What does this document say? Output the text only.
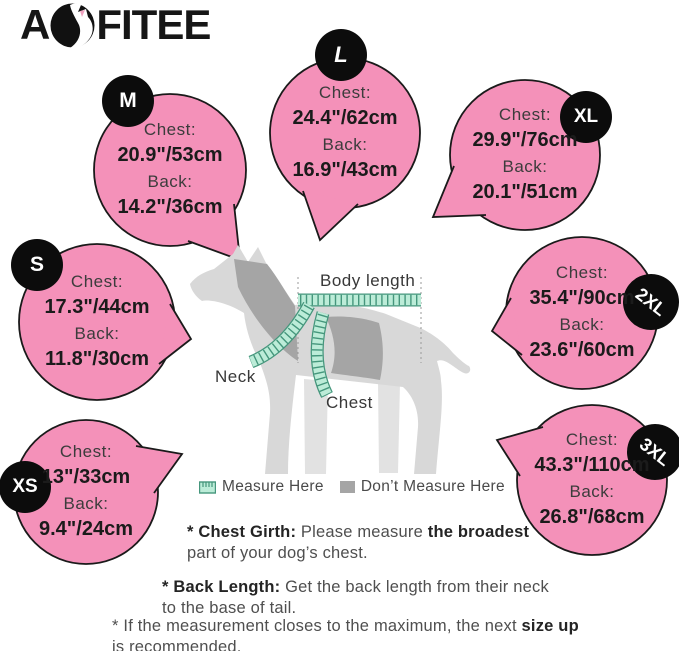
A FITEE
M
Chest:
20.9"/53cm
Back:
14.2"/36cm
L
Chest:
24.4"/62cm
Back:
16.9"/43cm
XL
Chest:
29.9"/76cm
Back:
20.1"/51cm
S
Chest:
17.3"/44cm
Back:
11.8"/30cm
2XL
Chest:
35.4"/90cm
Back:
23.6"/60cm
XS
Chest:
13"/33cm
Back:
9.4"/24cm
3XL
Chest:
43.3"/110cm
Back:
26.8"/68cm
Body length
Neck
Chest
Measure Here Don’t Measure Here
* Chest Girth: Please measure the broadest part of your dog’s chest.
* Back Length: Get the back length from their neck to the base of tail.
* If the measurement closes to the maximum, the next size up is recommended.
